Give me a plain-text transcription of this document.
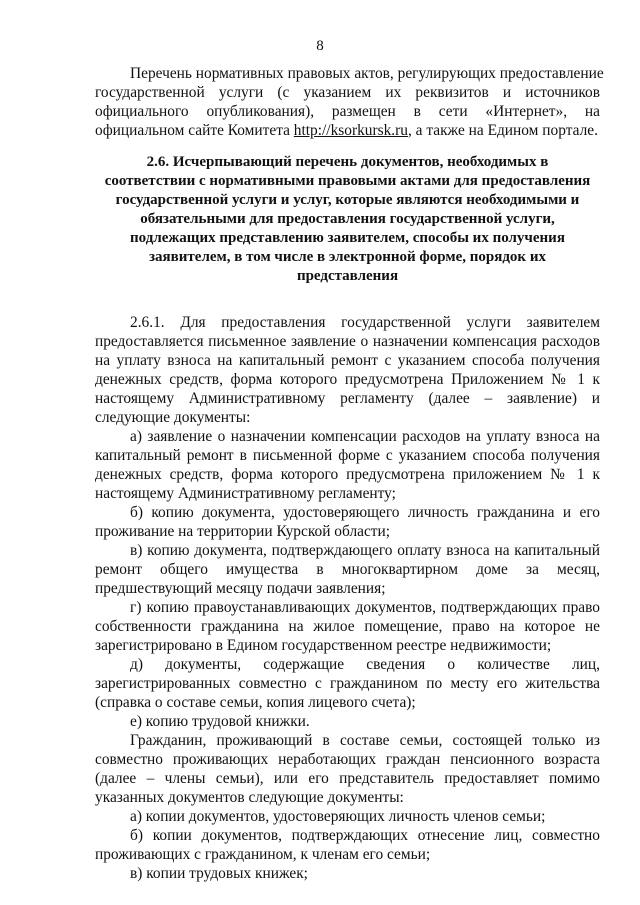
8
Перечень нормативных правовых актов, регулирующих предоставление
государственной услуги (с указанием их реквизитов и источников
официального опубликования), размещен в сети «Интернет», на
официальном сайте Комитета http://ksorkursk.ru, а также на Едином портале.
2.6. Исчерпывающий перечень документов, необходимых в
соответствии с нормативными правовыми актами для предоставления
государственной услуги и услуг, которые являются необходимыми и
обязательными для предоставления государственной услуги,
подлежащих представлению заявителем, способы их получения
заявителем, в том числе в электронной форме, порядок их
представления
2.6.1. Для предоставления государственной услуги заявителем
предоставляется письменное заявление о назначении компенсация расходов
на уплату взноса на капитальный ремонт с указанием способа получения
денежных средств, форма которого предусмотрена Приложением № 1 к
настоящему Административному регламенту (далее – заявление) и
следующие документы:
а) заявление о назначении компенсации расходов на уплату взноса на
капитальный ремонт в письменной форме с указанием способа получения
денежных средств, форма которого предусмотрена приложением № 1 к
настоящему Административному регламенту;
б) копию документа, удостоверяющего личность гражданина и его
проживание на территории Курской области;
в) копию документа, подтверждающего оплату взноса на капитальный
ремонт общего имущества в многоквартирном доме за месяц,
предшествующий месяцу подачи заявления;
г) копию правоустанавливающих документов, подтверждающих право
собственности гражданина на жилое помещение, право на которое не
зарегистрировано в Едином государственном реестре недвижимости;
д) документы, содержащие сведения о количестве лиц,
зарегистрированных совместно с гражданином по месту его жительства
(справка о составе семьи, копия лицевого счета);
е) копию трудовой книжки.
Гражданин, проживающий в составе семьи, состоящей только из
совместно проживающих неработающих граждан пенсионного возраста
(далее – члены семьи), или его представитель предоставляет помимо
указанных документов следующие документы:
а) копии документов, удостоверяющих личность членов семьи;
б) копии документов, подтверждающих отнесение лиц, совместно
проживающих с гражданином, к членам его семьи;
в) копии трудовых книжек;
